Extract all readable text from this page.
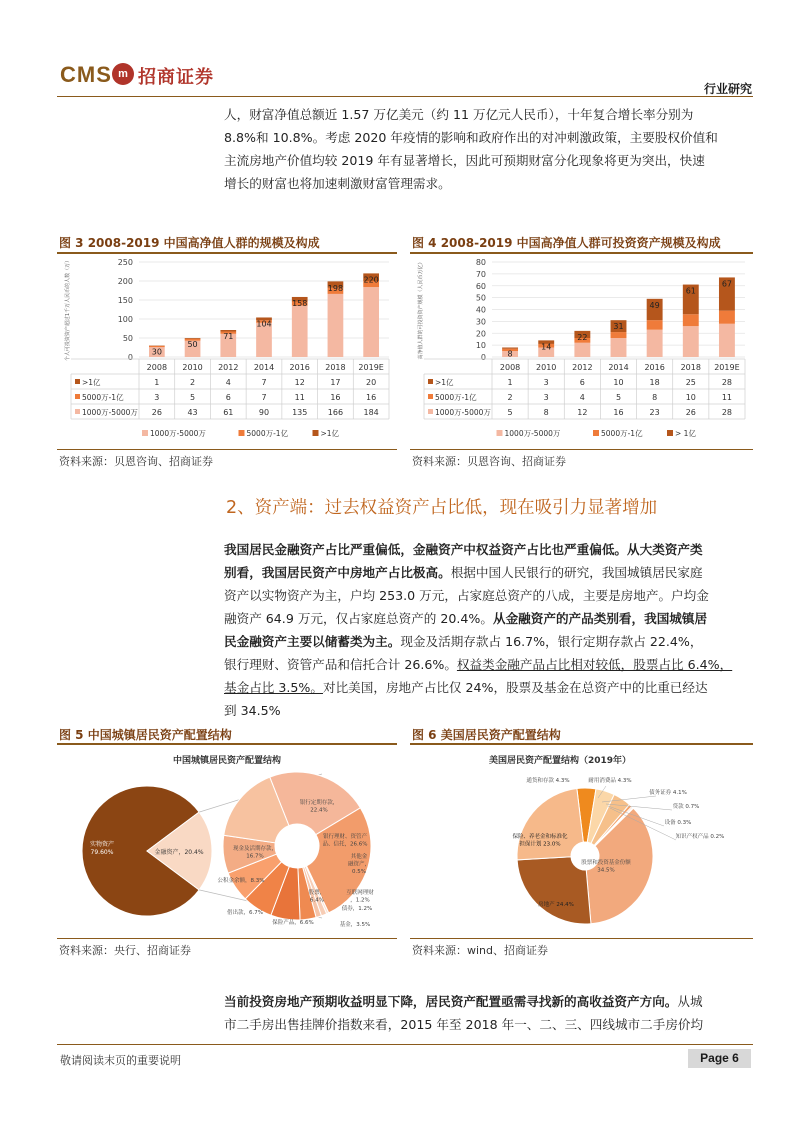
CMS m 招商证券
行业研究
人，财富净值总额近 1.57 万亿美元（约 11 万亿元人民币），十年复合增长率分别为
8.8%和 10.8%。考虑 2020 年疫情的影响和政府作出的对冲刺激政策，主要股权价值和
主流房地产价值均较 2019 年有显著增长，因此可预期财富分化现象将更为突出，快速
增长的财富也将加速刺激财富管理需求。
图 3 2008-2019 中国高净值人群的规模及构成
个人可投资资产超过1千万人民币的人数（万）	0
50
100
150
200
250
30
50
71
104
158
198
220
2008 2010 2012 2014 2016 2018 2019E
>1亿	1	2	4	7	12	17	20
5000万-1亿	3	5	6	7	11	16	16
1000万-5000万 26	43	61	90	135	166	184
1000万-5000万	5000万-1亿	>1亿
资料来源：贝恩咨询、招商证券
图 4 2008-2019 中国高净值人群可投资资产规模及构成
高净值人群的可投资资产规模（人民币万亿）	0
10
20
30
40
50
60
70
80
8
14
22
31
49
61
67
2008 2010 2012 2014 2016 2018 2019E
>1亿	1	3	6	10	18	25	28
5000万-1亿	2	3	4	5	8	10	11
1000万-5000万 5	8	12	16	23	26	28
1000万-5000万	5000万-1亿	> 1亿
资料来源：贝恩咨询、招商证券
2、资产端：过去权益资产占比低，现在吸引力显著增加
我国居民金融资产占比严重偏低，金融资产中权益资产占比也严重偏低。从大类资产类
别看，我国居民资产中房地产占比极高。根据中国人民银行的研究，我国城镇居民家庭
资产以实物资产为主，户均 253.0 万元，占家庭总资产的八成，主要是房地产。户均金
融资产 64.9 万元，仅占家庭总资产的 20.4%。从金融资产的产品类别看，我国城镇居
民金融资产主要以储蓄类为主。现金及活期存款占 16.7%，银行定期存款占 22.4%，
银行理财、资管产品和信托合计 26.6%。权益类金融产品占比相对较低，股票占比 6.4%，
基金占比 3.5%。对比美国，房地产占比仅 24%，股票及基金在总资产中的比重已经达
到 34.5%
图 5 中国城镇居民资产配置结构
中国城镇居民资产配置结构
实物资产 79.60%	金融资产，20.4%
银行定期存款， 22.4%
银行理财、资管产品、信托，26.6%
其他金融资产， 0.5%
互联网理财，1.2%
债券，1.2%
基金，3.5%
股票， 6.4%
保险产品，6.6%
借出款，6.7%
公积金余额，8.3%
现金及活期存款， 16.7%
资料来源：央行、招商证券
图 6 美国居民资产配置结构
美国居民资产配置结构（2019年）
通货和存款 4.3%	耐用消费品 4.3%
债务证券 4.1%
贷款 0.7%
设备 0.3%
知识产权产品 0.2%
股票和投资基金份额 34.5%
房地产 24.4%
保险、养老金和标准化担保计划 23.0%
资料来源：wind、招商证券
当前投资房地产预期收益明显下降，居民资产配置亟需寻找新的高收益资产方向。从城
市二手房出售挂牌价指数来看，2015 年至 2018 年一、二、三、四线城市二手房价均
敬请阅读末页的重要说明	Page 6
